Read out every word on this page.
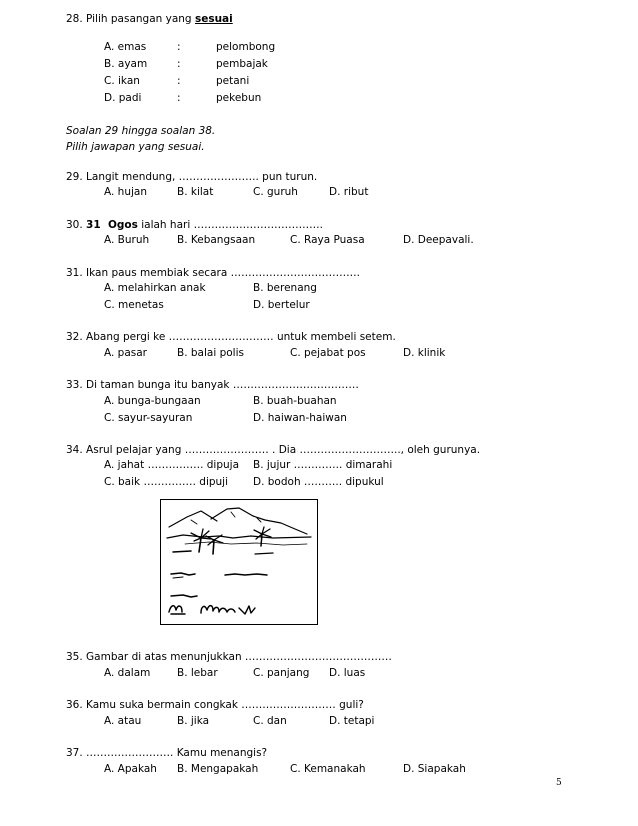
28. Pilih pasangan yang sesuai
A. emas	:	pelombong
B. ayam	:	pembajak
C. ikan	:	petani
D. padi	:	pekebun
Soalan 29 hingga soalan 38.
Pilih jawapan yang sesuai.
29. Langit mendung, ………………….. pun turun.
A. hujan	B. kilat	C. guruh	D. ribut
30. 31  Ogos ialah hari ……………………………….
A. Buruh	B. Kebangsaan	C. Raya Puasa	D. Deepavali.
31. Ikan paus membiak secara ……………………………….
A. melahirkan anak	B. berenang
C. menetas	D. bertelur
32. Abang pergi ke ………………………… untuk membeli setem.
A. pasar	B. balai polis	C. pejabat pos	D. klinik
33. Di taman bunga itu banyak ………………………………
A. bunga-bungaan	B. buah-buahan
C. sayur-sayuran	D. haiwan-haiwan
34. Asrul pelajar yang …………………… . Dia ……………………….., oleh gurunya.
A. jahat ……………. dipuja B. jujur ………….. dimarahi
C. baik …………… dipuji D. bodoh ……….. dipukul
35. Gambar di atas menunjukkan ……………………………………
A. dalam	B. lebar	C. panjang D. luas
36. Kamu suka bermain congkak ……………………… guli?
A. atau	B. jika	C. dan	D. tetapi
37. ……………………. Kamu menangis?
A. Apakah B. Mengapakah	C. Kemanakah	D. Siapakah
5
